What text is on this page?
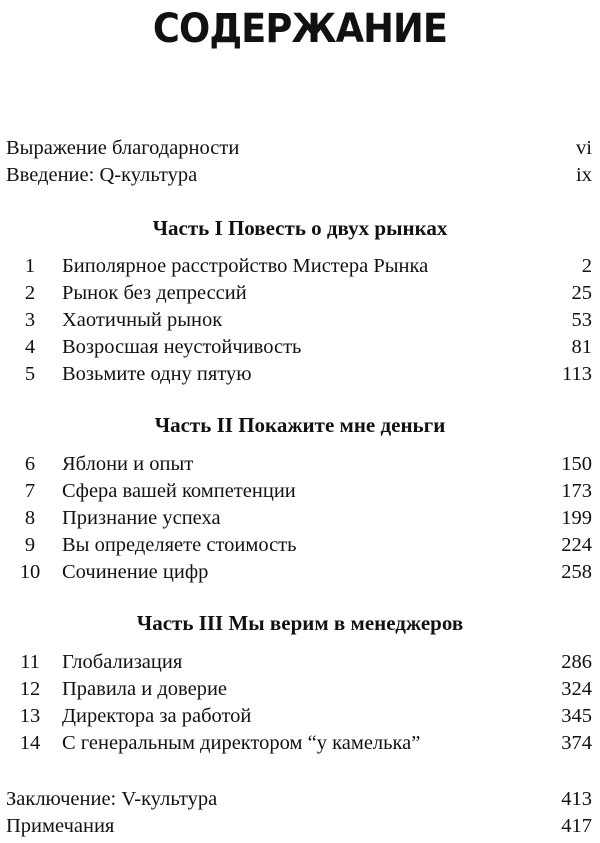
СОДЕРЖАНИЕ
Выражение благодарности	vi
Введение: Q-культура	ix
Часть I Повесть о двух рынках
1	Биполярное расстройство Мистера Рынка	2
2	Рынок без депрессий	25
3	Хаотичный рынок	53
4	Возросшая неустойчивость	81
5	Возьмите одну пятую	113
Часть II Покажите мне деньги
6	Яблони и опыт	150
7	Сфера вашей компетенции	173
8	Признание успеха	199
9	Вы определяете стоимость	224
10 Сочинение цифр	258
Часть III Мы верим в менеджеров
11 Глобализация	286
12 Правила и доверие	324
13 Директора за работой	345
14 С генеральным директором “у камелька”	374
Заключение: V-культура	413
Примечания	417
